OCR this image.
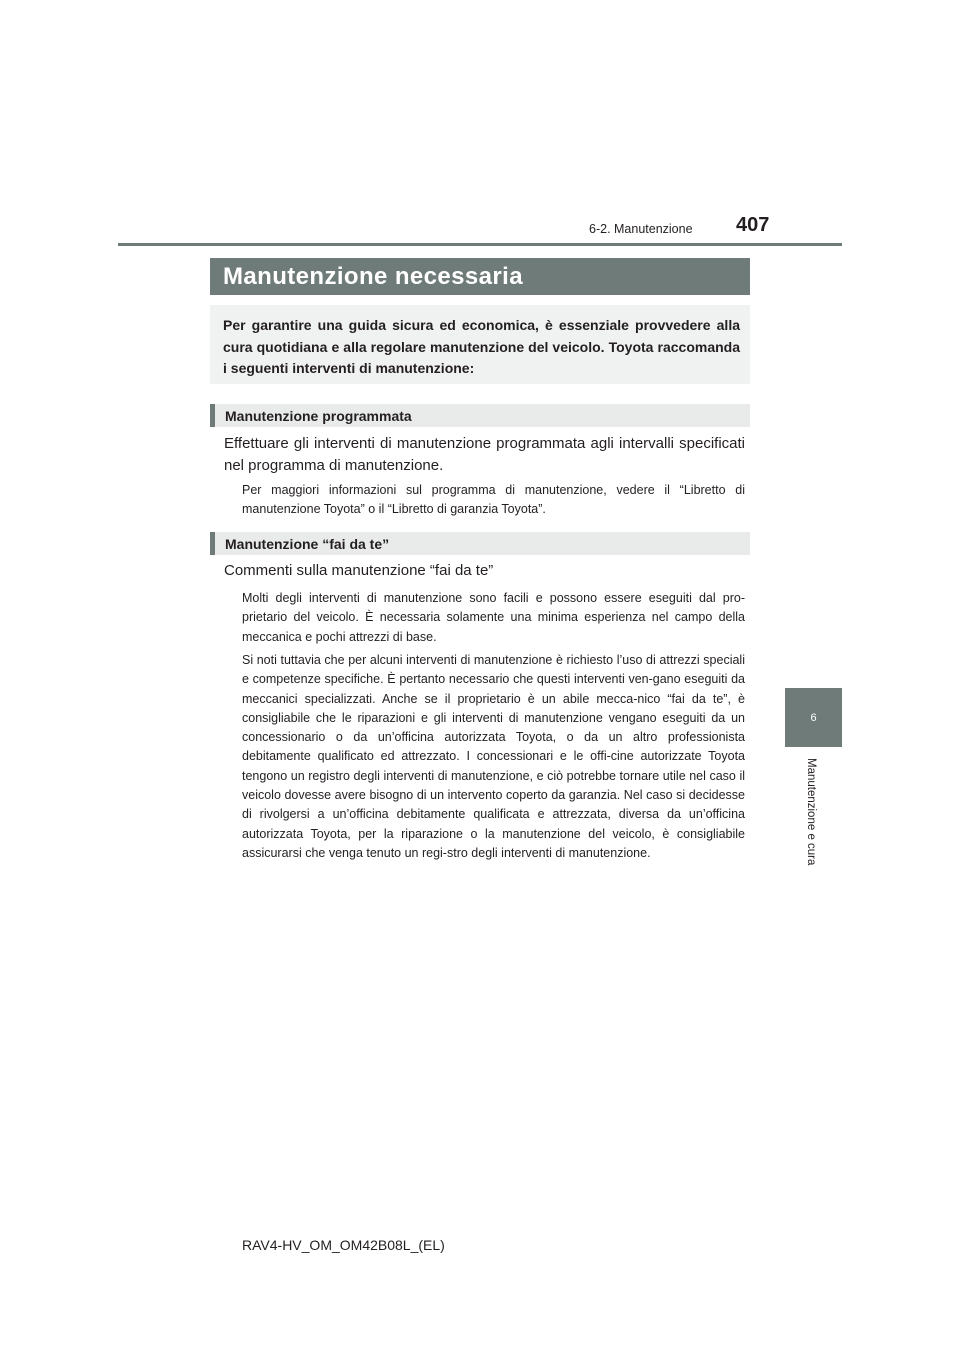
6-2. Manutenzione 407
Manutenzione necessaria
Per garantire una guida sicura ed economica, è essenziale provvedere alla cura quotidiana e alla regolare manutenzione del veicolo. Toyota raccomanda i seguenti interventi di manutenzione:
Manutenzione programmata
Effettuare gli interventi di manutenzione programmata agli intervalli specificati nel programma di manutenzione.
Per maggiori informazioni sul programma di manutenzione, vedere il “Libretto di manutenzione Toyota” o il “Libretto di garanzia Toyota”.
Manutenzione “fai da te”
Commenti sulla manutenzione “fai da te”
Molti degli interventi di manutenzione sono facili e possono essere eseguiti dal pro-prietario del veicolo. È necessaria solamente una minima esperienza nel campo della meccanica e pochi attrezzi di base.
Si noti tuttavia che per alcuni interventi di manutenzione è richiesto l’uso di attrezzi speciali e competenze specifiche. È pertanto necessario che questi interventi ven-gano eseguiti da meccanici specializzati. Anche se il proprietario è un abile mecca-nico “fai da te”, è consigliabile che le riparazioni e gli interventi di manutenzione vengano eseguiti da un concessionario o da un’officina autorizzata Toyota, o da un altro professionista debitamente qualificato ed attrezzato. I concessionari e le offi-cine autorizzate Toyota tengono un registro degli interventi di manutenzione, e ciò potrebbe tornare utile nel caso il veicolo dovesse avere bisogno di un intervento coperto da garanzia. Nel caso si decidesse di rivolgersi a un’officina debitamente qualificata e attrezzata, diversa da un’officina autorizzata Toyota, per la riparazione o la manutenzione del veicolo, è consigliabile assicurarsi che venga tenuto un regi-stro degli interventi di manutenzione.
6
Manutenzione e cura
RAV4-HV_OM_OM42B08L_(EL)
